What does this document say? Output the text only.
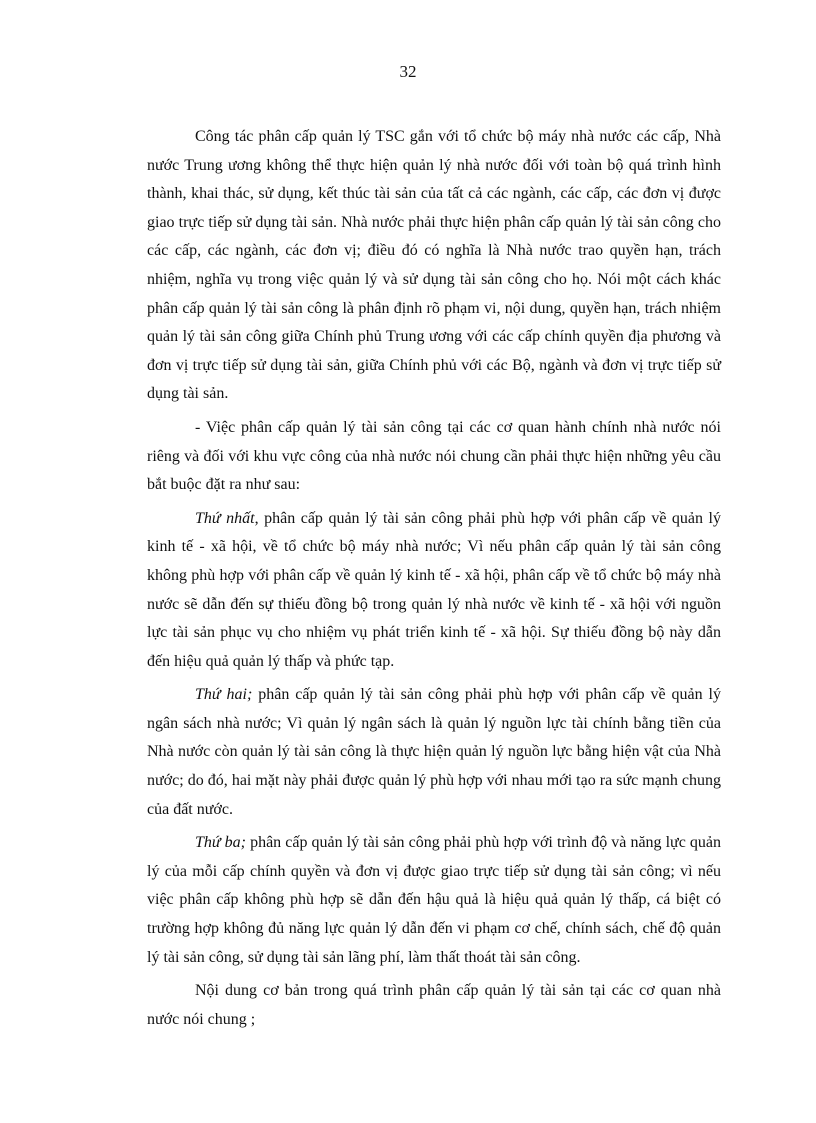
32

Công tác phân cấp quản lý TSC gắn với tổ chức bộ máy nhà nước các cấp, Nhà nước Trung ương không thể thực hiện quản lý nhà nước đối với toàn bộ quá trình hình thành, khai thác, sử dụng, kết thúc tài sản của tất cả các ngành, các cấp, các đơn vị được giao trực tiếp sử dụng tài sản. Nhà nước phải thực hiện phân cấp quản lý tài sản công cho các cấp, các ngành, các đơn vị; điều đó có nghĩa là Nhà nước trao quyền hạn, trách nhiệm, nghĩa vụ trong việc quản lý và sử dụng tài sản công cho họ. Nói một cách khác phân cấp quản lý tài sản công là phân định rõ phạm vi, nội dung, quyền hạn, trách nhiệm quản lý tài sản công giữa Chính phủ Trung ương với các cấp chính quyền địa phương và đơn vị trực tiếp sử dụng tài sản, giữa Chính phủ với các Bộ, ngành và đơn vị trực tiếp sử dụng tài sản.

- Việc phân cấp quản lý tài sản công tại các cơ quan hành chính nhà nước nói riêng và đối với khu vực công của nhà nước nói chung cần phải thực hiện những yêu cầu bắt buộc đặt ra như sau:

Thứ nhất, phân cấp quản lý tài sản công phải phù hợp với phân cấp về quản lý kinh tế - xã hội, về tổ chức bộ máy nhà nước; Vì nếu phân cấp quản lý tài sản công không phù hợp với phân cấp về quản lý kinh tế - xã hội, phân cấp về tổ chức bộ máy nhà nước sẽ dẫn đến sự thiếu đồng bộ trong quản lý nhà nước về kinh tế - xã hội với nguồn lực tài sản phục vụ cho nhiệm vụ phát triển kinh tế - xã hội. Sự thiếu đồng bộ này dẫn đến hiệu quả quản lý thấp và phức tạp.

Thứ hai; phân cấp quản lý tài sản công phải phù hợp với phân cấp về quản lý ngân sách nhà nước; Vì quản lý ngân sách là quản lý nguồn lực tài chính bằng tiền của Nhà nước còn quản lý tài sản công là thực hiện quản lý nguồn lực bằng hiện vật của Nhà nước; do đó, hai mặt này phải được quản lý phù hợp với nhau mới tạo ra sức mạnh chung của đất nước.

Thứ ba; phân cấp quản lý tài sản công phải phù hợp với trình độ và năng lực quản lý của mỗi cấp chính quyền và đơn vị được giao trực tiếp sử dụng tài sản công; vì nếu việc phân cấp không phù hợp sẽ dẫn đến hậu quả là hiệu quả quản lý thấp, cá biệt có trường hợp không đủ năng lực quản lý dẫn đến vi phạm cơ chế, chính sách, chế độ quản lý tài sản công, sử dụng tài sản lãng phí, làm thất thoát tài sản công.

Nội dung cơ bản trong quá trình phân cấp quản lý tài sản tại các cơ quan nhà nước nói chung ;
